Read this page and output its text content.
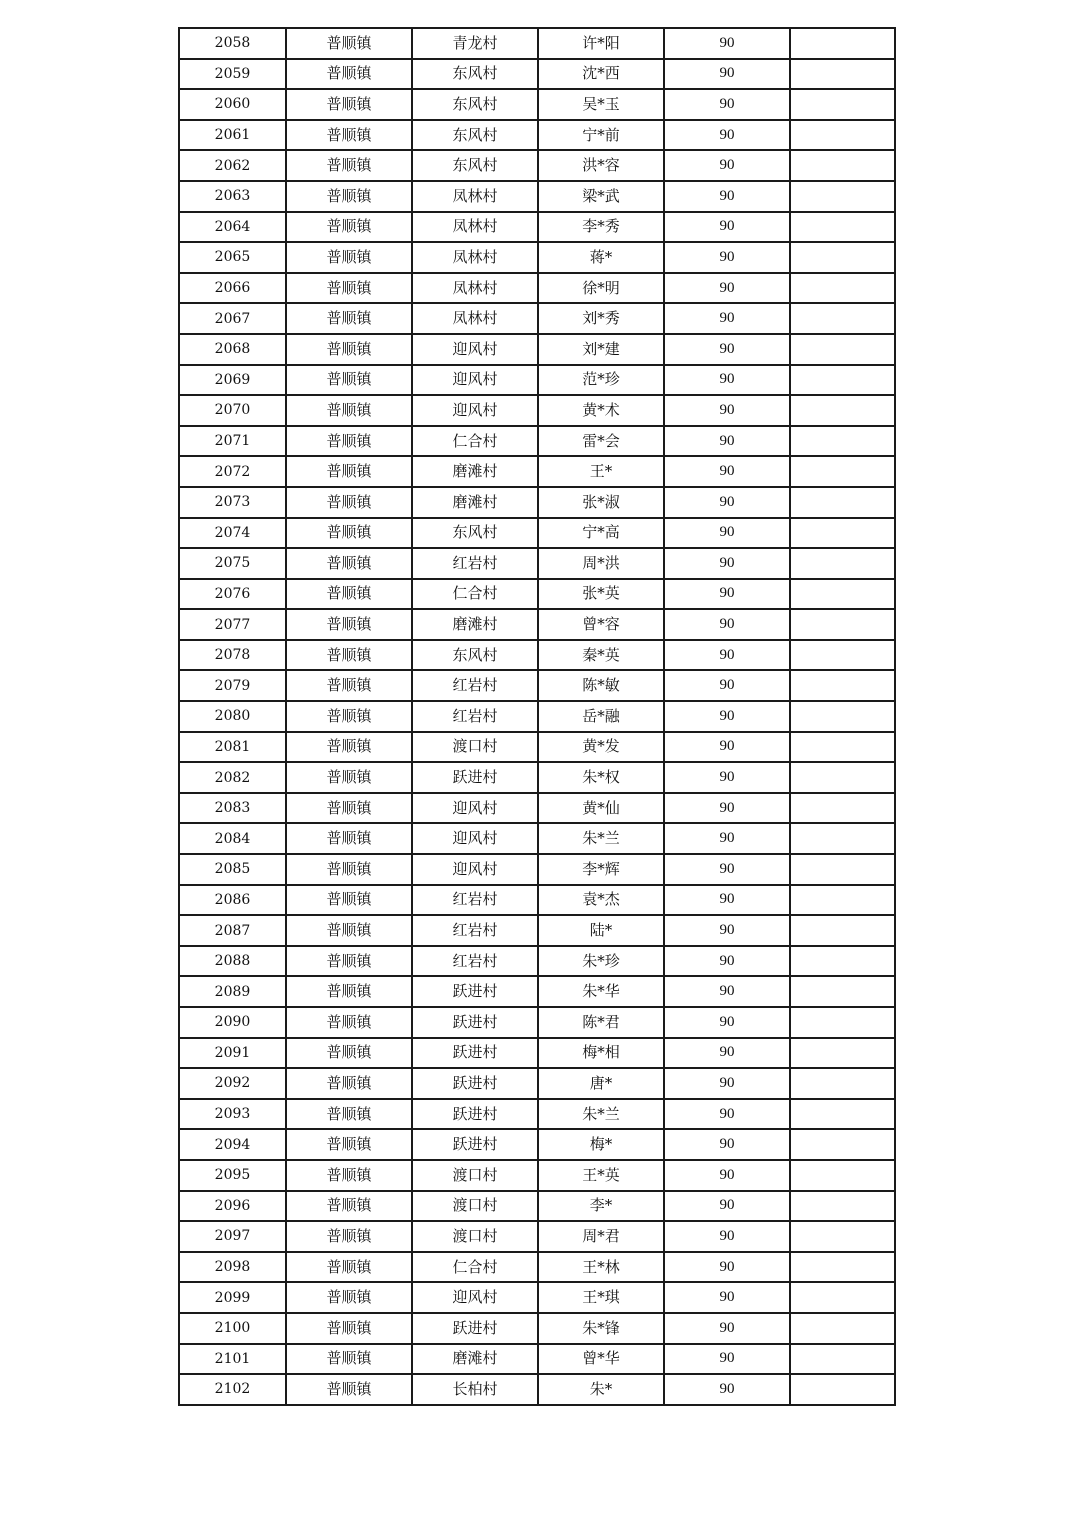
2058	普顺镇	青龙村	许*阳	90	
2059	普顺镇	东风村	沈*西	90	
2060	普顺镇	东风村	吴*玉	90	
2061	普顺镇	东风村	宁*前	90	
2062	普顺镇	东风村	洪*容	90	
2063	普顺镇	凤林村	梁*武	90	
2064	普顺镇	凤林村	李*秀	90	
2065	普顺镇	凤林村	蒋*	90	
2066	普顺镇	凤林村	徐*明	90	
2067	普顺镇	凤林村	刘*秀	90	
2068	普顺镇	迎风村	刘*建	90	
2069	普顺镇	迎风村	范*珍	90	
2070	普顺镇	迎风村	黄*术	90	
2071	普顺镇	仁合村	雷*会	90	
2072	普顺镇	磨滩村	王*	90	
2073	普顺镇	磨滩村	张*淑	90	
2074	普顺镇	东风村	宁*高	90	
2075	普顺镇	红岩村	周*洪	90	
2076	普顺镇	仁合村	张*英	90	
2077	普顺镇	磨滩村	曾*容	90	
2078	普顺镇	东风村	秦*英	90	
2079	普顺镇	红岩村	陈*敏	90	
2080	普顺镇	红岩村	岳*融	90	
2081	普顺镇	渡口村	黄*发	90	
2082	普顺镇	跃进村	朱*权	90	
2083	普顺镇	迎风村	黄*仙	90	
2084	普顺镇	迎风村	朱*兰	90	
2085	普顺镇	迎风村	李*辉	90	
2086	普顺镇	红岩村	袁*杰	90	
2087	普顺镇	红岩村	陆*	90	
2088	普顺镇	红岩村	朱*珍	90	
2089	普顺镇	跃进村	朱*华	90	
2090	普顺镇	跃进村	陈*君	90	
2091	普顺镇	跃进村	梅*相	90	
2092	普顺镇	跃进村	唐*	90	
2093	普顺镇	跃进村	朱*兰	90	
2094	普顺镇	跃进村	梅*	90	
2095	普顺镇	渡口村	王*英	90	
2096	普顺镇	渡口村	李*	90	
2097	普顺镇	渡口村	周*君	90	
2098	普顺镇	仁合村	王*林	90	
2099	普顺镇	迎风村	王*琪	90	
2100	普顺镇	跃进村	朱*锋	90	
2101	普顺镇	磨滩村	曾*华	90	
2102	普顺镇	长柏村	朱*	90	
